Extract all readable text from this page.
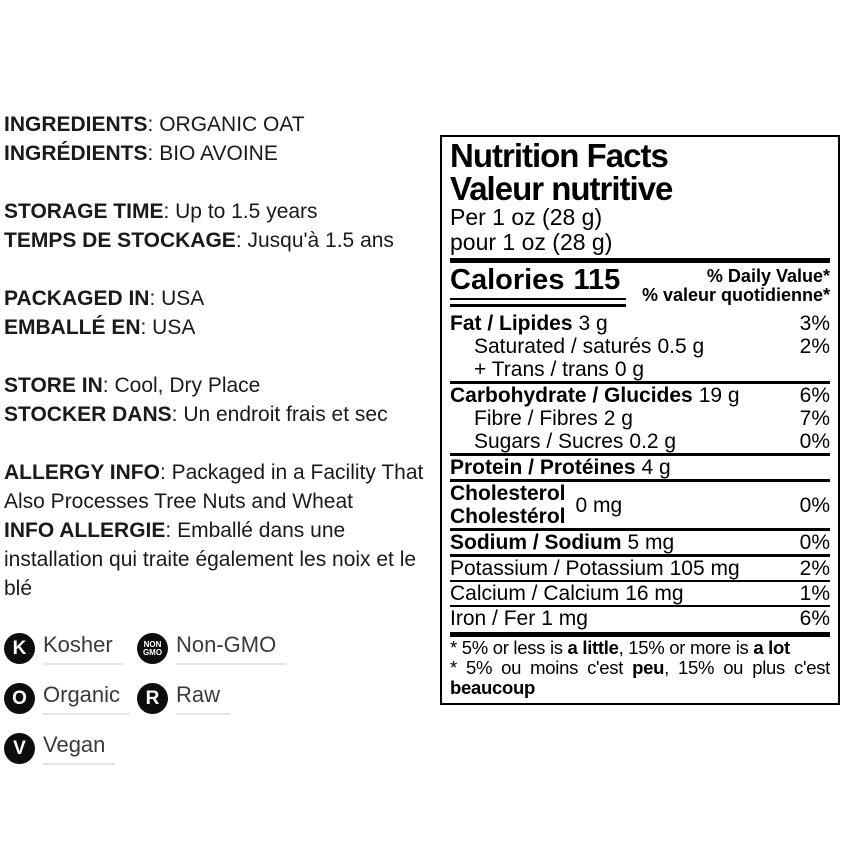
INGREDIENTS: ORGANIC OAT

INGRÉDIENTS: BIO AVOINE

STORAGE TIME: Up to 1.5 years

TEMPS DE STOCKAGE: Jusqu'à 1.5 ans

PACKAGED IN: USA

EMBALLÉ EN: USA

STORE IN: Cool, Dry Place

STOCKER DANS: Un endroit frais et sec

ALLERGY INFO: Packaged in a Facility That Also Processes Tree Nuts and Wheat

INFO ALLERGIE: Emballé dans une installation qui traite également les noix et le blé

K Kosher	NON
GMO Non-GMO
O Organic	R Raw
V Vegan
Nutrition Facts
Valeur nutritive
Per 1 oz (28 g)
pour 1 oz (28 g)
Calories 115	% Daily Value*
% valeur quotidienne*
Fat / Lipides 3 g	3%
Saturated / saturés 0.5 g	2%
+ Trans / trans 0 g
Carbohydrate / Glucides 19 g	6%
Fibre / Fibres 2 g	7%
Sugars / Sucres 0.2 g	0%
Protein / Protéines 4 g
Cholesterol
Cholestérol 0 mg	0%
Sodium / Sodium 5 mg	0%
Potassium / Potassium 105 mg	2%
Calcium / Calcium 16 mg	1%
Iron / Fer 1 mg	6%
* 5% or less is a little, 15% or more is a lot
* 5% ou moins c'est peu, 15% ou plus c'est beaucoup
